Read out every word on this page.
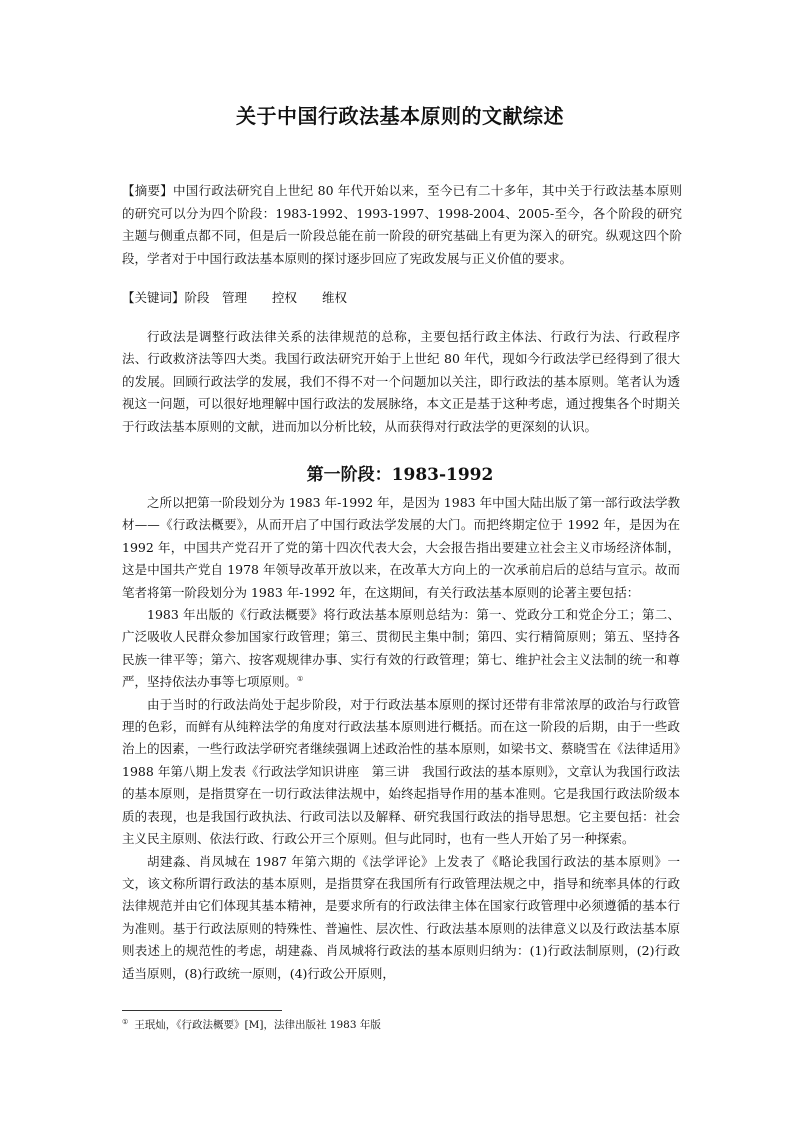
关于中国行政法基本原则的文献综述
【摘要】中国行政法研究自上世纪 80 年代开始以来，至今已有二十多年，其中关于行政法基本原则的研究可以分为四个阶段：1983-1992、1993-1997、1998-2004、2005-至今，各个阶段的研究主题与侧重点都不同，但是后一阶段总能在前一阶段的研究基础上有更为深入的研究。纵观这四个阶段，学者对于中国行政法基本原则的探讨逐步回应了宪政发展与正义价值的要求。
【关键词】阶段　管理　　控权　　维权

行政法是调整行政法律关系的法律规范的总称，主要包括行政主体法、行政行为法、行政程序法、行政救济法等四大类。我国行政法研究开始于上世纪 80 年代，现如今行政法学已经得到了很大的发展。回顾行政法学的发展，我们不得不对一个问题加以关注，即行政法的基本原则。笔者认为透视这一问题，可以很好地理解中国行政法的发展脉络，本文正是基于这种考虑，通过搜集各个时期关于行政法基本原则的文献，进而加以分析比较，从而获得对行政法学的更深刻的认识。

第一阶段：1983-1992

之所以把第一阶段划分为 1983 年-1992 年，是因为 1983 年中国大陆出版了第一部行政法学教材——《行政法概要》，从而开启了中国行政法学发展的大门。而把终期定位于 1992 年，是因为在 1992 年，中国共产党召开了党的第十四次代表大会，大会报告指出要建立社会主义市场经济体制，这是中国共产党自 1978 年领导改革开放以来，在改革大方向上的一次承前启后的总结与宣示。故而笔者将第一阶段划分为 1983 年-1992 年，在这期间，有关行政法基本原则的论著主要包括：

1983 年出版的《行政法概要》将行政法基本原则总结为：第一、党政分工和党企分工；第二、广泛吸收人民群众参加国家行政管理；第三、贯彻民主集中制；第四、实行精简原则；第五、坚持各民族一律平等；第六、按客观规律办事、实行有效的行政管理；第七、维护社会主义法制的统一和尊严，坚持依法办事等七项原则。①

由于当时的行政法尚处于起步阶段，对于行政法基本原则的探讨还带有非常浓厚的政治与行政管理的色彩，而鲜有从纯粹法学的角度对行政法基本原则进行概括。而在这一阶段的后期，由于一些政治上的因素，一些行政法学研究者继续强调上述政治性的基本原则，如梁书文、蔡晓雪在《法律适用》1988 年第八期上发表《行政法学知识讲座　第三讲　我国行政法的基本原则》，文章认为我国行政法的基本原则，是指贯穿在一切行政法律法规中，始终起指导作用的基本准则。它是我国行政法阶级本质的表现，也是我国行政执法、行政司法以及解释、研究我国行政法的指导思想。它主要包括：社会主义民主原则、依法行政、行政公开三个原则。但与此同时，也有一些人开始了另一种探索。

胡建淼、肖凤城在 1987 年第六期的《法学评论》上发表了《略论我国行政法的基本原则》一文，该文称所谓行政法的基本原则，是指贯穿在我国所有行政管理法规之中，指导和统率具体的行政法律规范并由它们体现其基本精神，是要求所有的行政法律主体在国家行政管理中必须遵循的基本行为准则。基于行政法原则的特殊性、普遍性、层次性、行政法基本原则的法律意义以及行政法基本原则表述上的规范性的考虑，胡建淼、肖凤城将行政法的基本原则归纳为：(1)行政法制原则，(2)行政适当原则，(8)行政统一原则，(4)行政公开原则，

① 王珉灿，《行政法概要》[M]，法律出版社 1983 年版
